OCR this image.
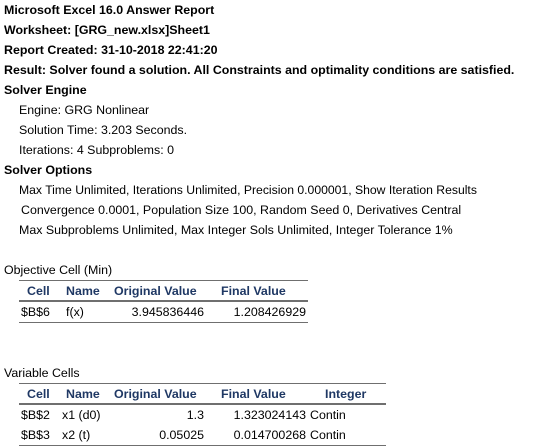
Microsoft Excel 16.0 Answer Report
Worksheet: [GRG_new.xlsx]Sheet1
Report Created: 31-10-2018 22:41:20
Result: Solver found a solution. All Constraints and optimality conditions are satisfied.
Solver Engine
Engine: GRG Nonlinear
Solution Time: 3.203 Seconds.
Iterations: 4 Subproblems: 0
Solver Options
Max Time Unlimited, Iterations Unlimited, Precision 0.000001, Show Iteration Results
Convergence 0.0001, Population Size 100, Random Seed 0, Derivatives Central
Max Subproblems Unlimited, Max Integer Sols Unlimited, Integer Tolerance 1%
Objective Cell (Min)
Cell Name Original Value Final Value
$B$6 f(x)	3.945836446	1.208426929
Variable Cells
Cell Name Original Value Final Value	Integer
$B$2 x1 (d0)	1.3	1.323024143 Contin
$B$3 x2 (t)	0.05025	0.014700268 Contin
